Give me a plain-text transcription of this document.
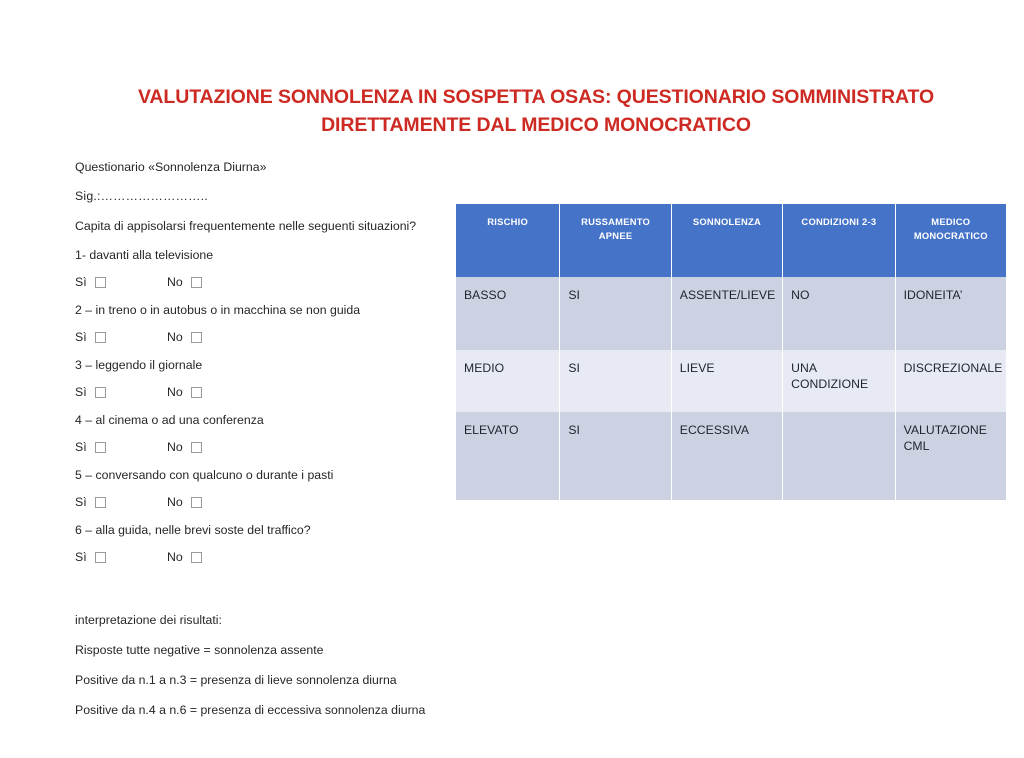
VALUTAZIONE SONNOLENZA IN SOSPETTA OSAS: QUESTIONARIO SOMMINISTRATO
DIRETTAMENTE DAL MEDICO MONOCRATICO

Questionario «Sonnolenza Diurna»

Sig.:……………………..

Capita di appisolarsi frequentemente nelle seguenti situazioni?

1- davanti alla televisione

Sì	No

2 – in treno o in autobus o in macchina se non guida

Sì	No

3 – leggendo il giornale

Sì	No

4 – al cinema o ad una conferenza

Sì	No

5 – conversando con qualcuno o durante i pasti

Sì	No

6 – alla guida, nelle brevi soste del traffico?

Sì	No

interpretazione dei risultati:

Risposte tutte negative = sonnolenza assente

Positive da n.1 a n.3 = presenza di lieve sonnolenza diurna

Positive da n.4 a n.6 = presenza di eccessiva sonnolenza diurna

RISCHIO	RUSSAMENTO APNEE	SONNOLENZA	CONDIZIONI 2-3	MEDICO MONOCRATICO
BASSO	SI	ASSENTE/LIEVE	NO	IDONEITA’
MEDIO	SI	LIEVE	UNA CONDIZIONE	DISCREZIONALE
ELEVATO	SI	ECCESSIVA		VALUTAZIONE CML
